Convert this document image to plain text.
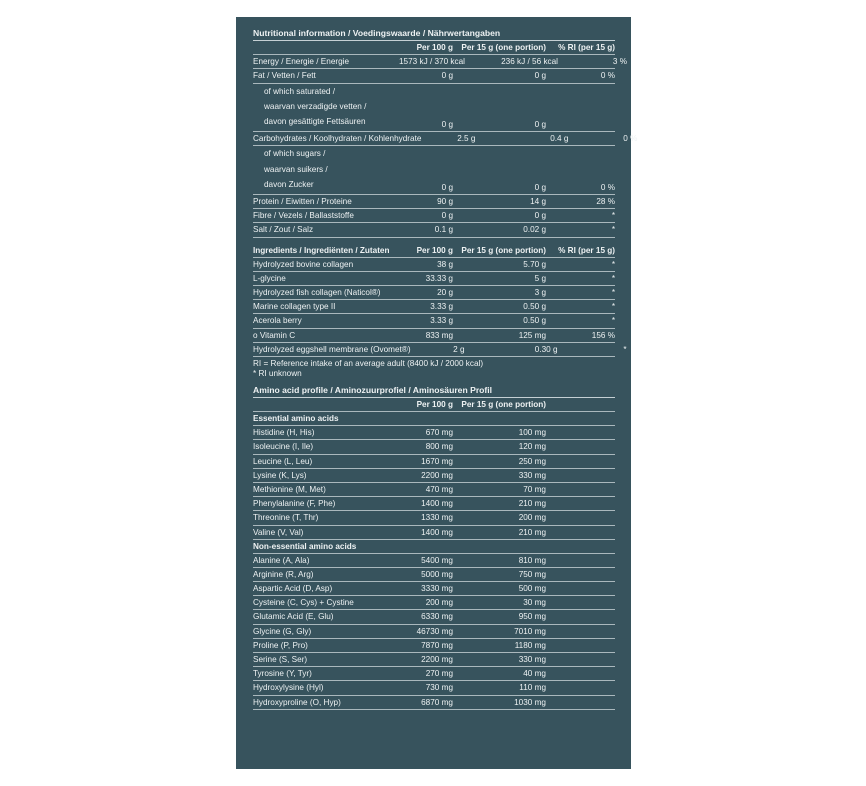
Nutritional information / Voedingswaarde / Nährwertangaben
Per 100 g	Per 15 g (one portion)	% RI (per 15 g)
Energy / Energie / Energie	1573 kJ / 370 kcal	236 kJ / 56 kcal	3 %
Fat / Vetten / Fett	0 g	0 g	0 %
of which saturated /
waarvan verzadigde vetten /
davon gesättigte Fettsäuren	0 g	0 g
Carbohydrates / Koolhydraten / Kohlenhydrate	2.5 g	0.4 g	0 %
of which sugars /
waarvan suikers /
davon Zucker	0 g	0 g	0 %
Protein / Eiwitten / Proteine	90 g	14 g	28 %
Fibre / Vezels / Ballaststoffe	0 g	0 g	*
Salt / Zout / Salz	0.1 g	0.02 g	*
Ingredients / Ingrediënten / Zutaten	Per 100 g	Per 15 g (one portion)	% RI (per 15 g)
Hydrolyzed bovine collagen	38 g	5.70 g	*
L-glycine	33.33 g	5 g	*
Hydrolyzed fish collagen (Naticol®)	20 g	3 g	*
Marine collagen type II	3.33 g	0.50 g	*
Acerola berry	3.33 g	0.50 g	*
o Vitamin C	833 mg	125 mg	156 %
Hydrolyzed eggshell membrane (Ovomet®)	2 g	0.30 g	*
RI = Reference intake of an average adult (8400 kJ / 2000 kcal)
* RI unknown
Amino acid profile / Aminozuurprofiel / Aminosäuren Profil
Per 100 g	Per 15 g (one portion)
Essential amino acids
Histidine (H, His)	670 mg	100 mg
Isoleucine (I, Ile)	800 mg	120 mg
Leucine (L, Leu)	1670 mg	250 mg
Lysine (K, Lys)	2200 mg	330 mg
Methionine (M, Met)	470 mg	70 mg
Phenylalanine (F, Phe)	1400 mg	210 mg
Threonine (T, Thr)	1330 mg	200 mg
Valine (V, Val)	1400 mg	210 mg
Non-essential amino acids
Alanine (A, Ala)	5400 mg	810 mg
Arginine (R, Arg)	5000 mg	750 mg
Aspartic Acid (D, Asp)	3330 mg	500 mg
Cysteine (C, Cys) + Cystine	200 mg	30 mg
Glutamic Acid (E, Glu)	6330 mg	950 mg
Glycine (G, Gly)	46730 mg	7010 mg
Proline (P, Pro)	7870 mg	1180 mg
Serine (S, Ser)	2200 mg	330 mg
Tyrosine (Y, Tyr)	270 mg	40 mg
Hydroxylysine (Hyl)	730 mg	110 mg
Hydroxyproline (O, Hyp)	6870 mg	1030 mg
